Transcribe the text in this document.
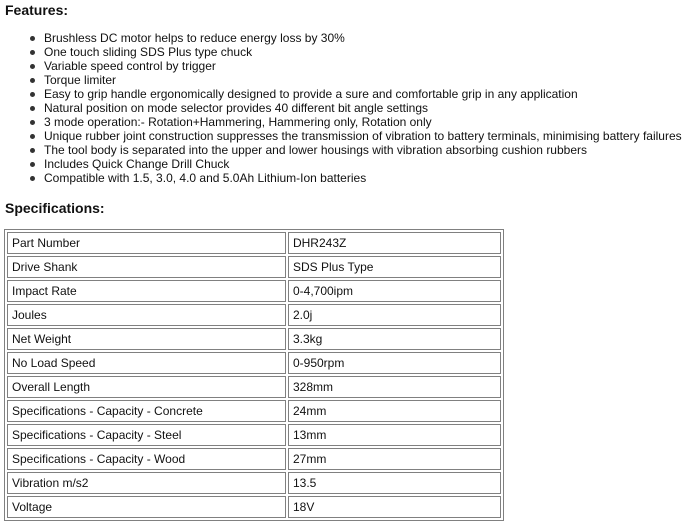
Features:
Brushless DC motor helps to reduce energy loss by 30%
One touch sliding SDS Plus type chuck
Variable speed control by trigger
Torque limiter
Easy to grip handle ergonomically designed to provide a sure and comfortable grip in any application
Natural position on mode selector provides 40 different bit angle settings
3 mode operation:- Rotation+Hammering, Hammering only, Rotation only
Unique rubber joint construction suppresses the transmission of vibration to battery terminals, minimising battery failures
The tool body is separated into the upper and lower housings with vibration absorbing cushion rubbers
Includes Quick Change Drill Chuck
Compatible with 1.5, 3.0, 4.0 and 5.0Ah Lithium-Ion batteries
Specifications:
Part Number	DHR243Z
Drive Shank	SDS Plus Type
Impact Rate	0-4,700ipm
Joules	2.0j
Net Weight	3.3kg
No Load Speed	0-950rpm
Overall Length	328mm
Specifications - Capacity - Concrete	24mm
Specifications - Capacity - Steel	13mm
Specifications - Capacity - Wood	27mm
Vibration m/s2	13.5
Voltage	18V
